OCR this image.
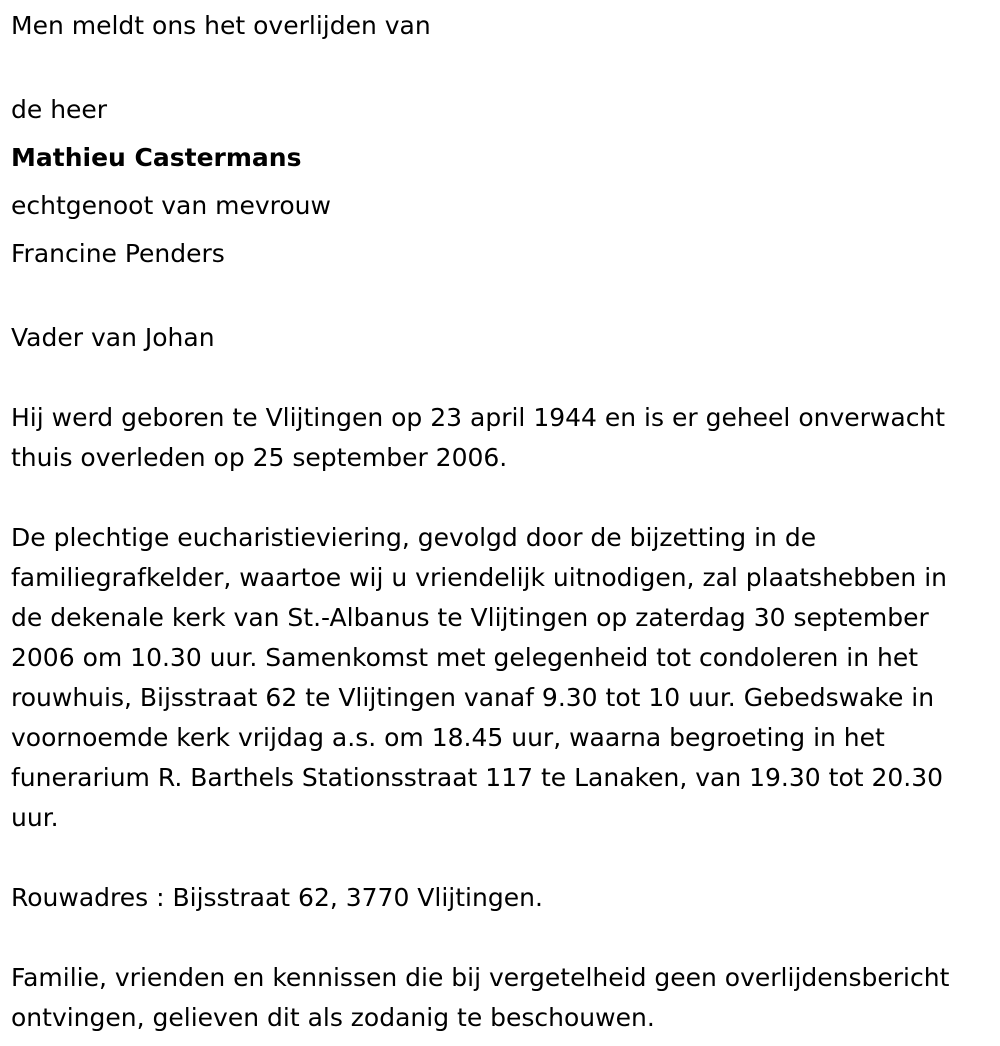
Men meldt ons het overlijden van

de heer

Mathieu Castermans

echtgenoot van mevrouw

Francine Penders

Vader van Johan

Hij werd geboren te Vlijtingen op 23 april 1944 en is er geheel onverwacht thuis overleden op 25 september 2006.

De plechtige eucharistieviering, gevolgd door de bijzetting in de familiegrafkelder, waartoe wij u vriendelijk uitnodigen, zal plaatshebben in de dekenale kerk van St.-Albanus te Vlijtingen op zaterdag 30 september 2006 om 10.30 uur. Samenkomst met gelegenheid tot condoleren in het rouwhuis, Bijsstraat 62 te Vlijtingen vanaf 9.30 tot 10 uur. Gebedswake in voornoemde kerk vrijdag a.s. om 18.45 uur, waarna begroeting in het funerarium R. Barthels Stationsstraat 117 te Lanaken, van 19.30 tot 20.30 uur.

Rouwadres : Bijsstraat 62, 3770 Vlijtingen.

Familie, vrienden en kennissen die bij vergetelheid geen overlijdensbericht ontvingen, gelieven dit als zodanig te beschouwen.
